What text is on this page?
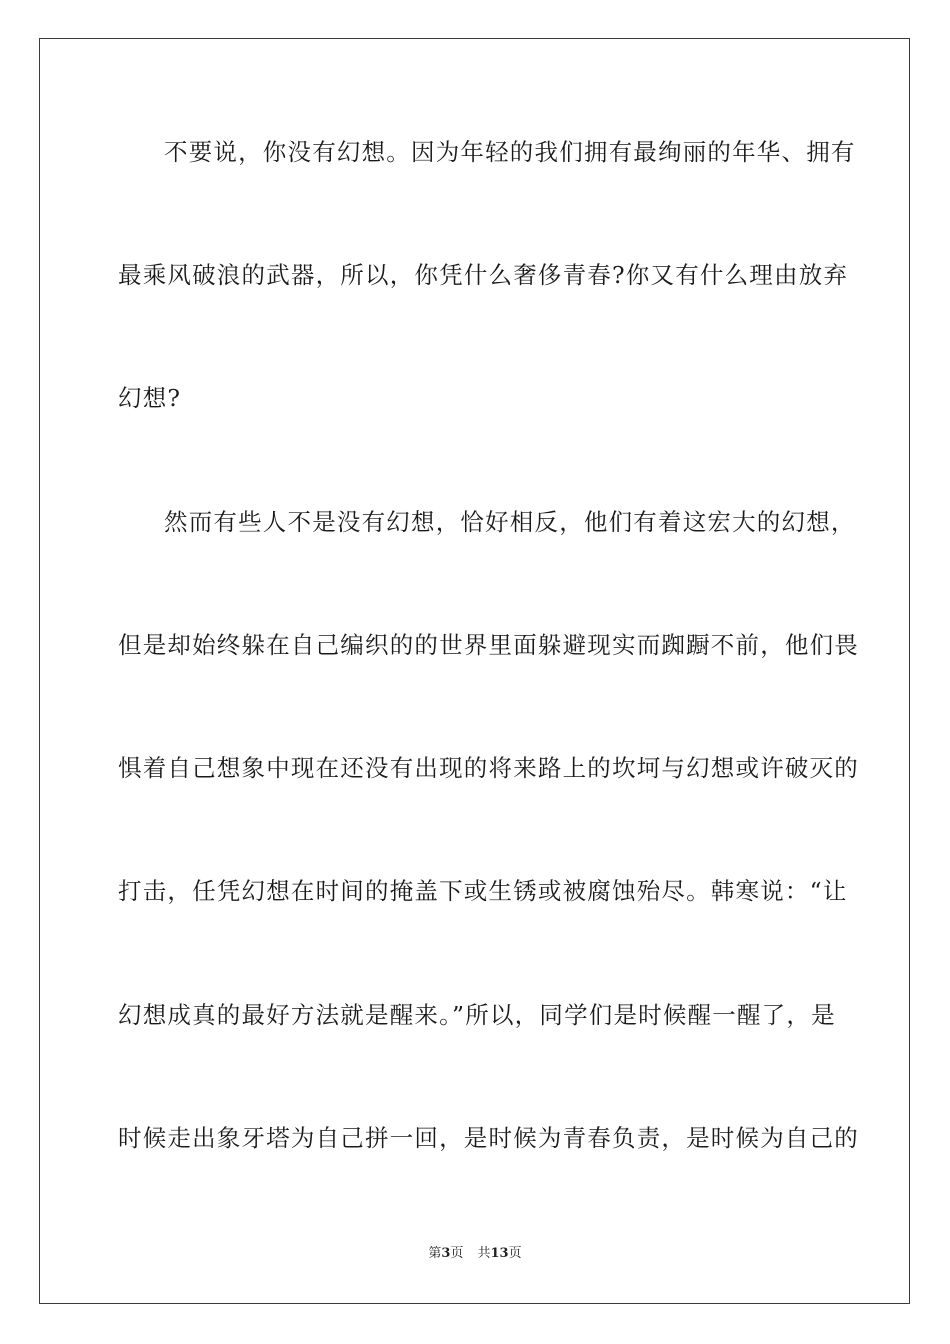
不要说，你没有幻想。因为年轻的我们拥有最绚丽的年华、拥有
最乘风破浪的武器，所以，你凭什么奢侈青春?你又有什么理由放弃
幻想?
然而有些人不是没有幻想，恰好相反，他们有着这宏大的幻想，
但是却始终躲在自己编织的的世界里面躲避现实而踟蹰不前，他们畏
惧着自己想象中现在还没有出现的将来路上的坎坷与幻想或许破灭的
打击，任凭幻想在时间的掩盖下或生锈或被腐蚀殆尽。韩寒说：“让
幻想成真的最好方法就是醒来。”所以，同学们是时候醒一醒了，是
时候走出象牙塔为自己拼一回，是时候为青春负责，是时候为自己的
第3页 共13页
